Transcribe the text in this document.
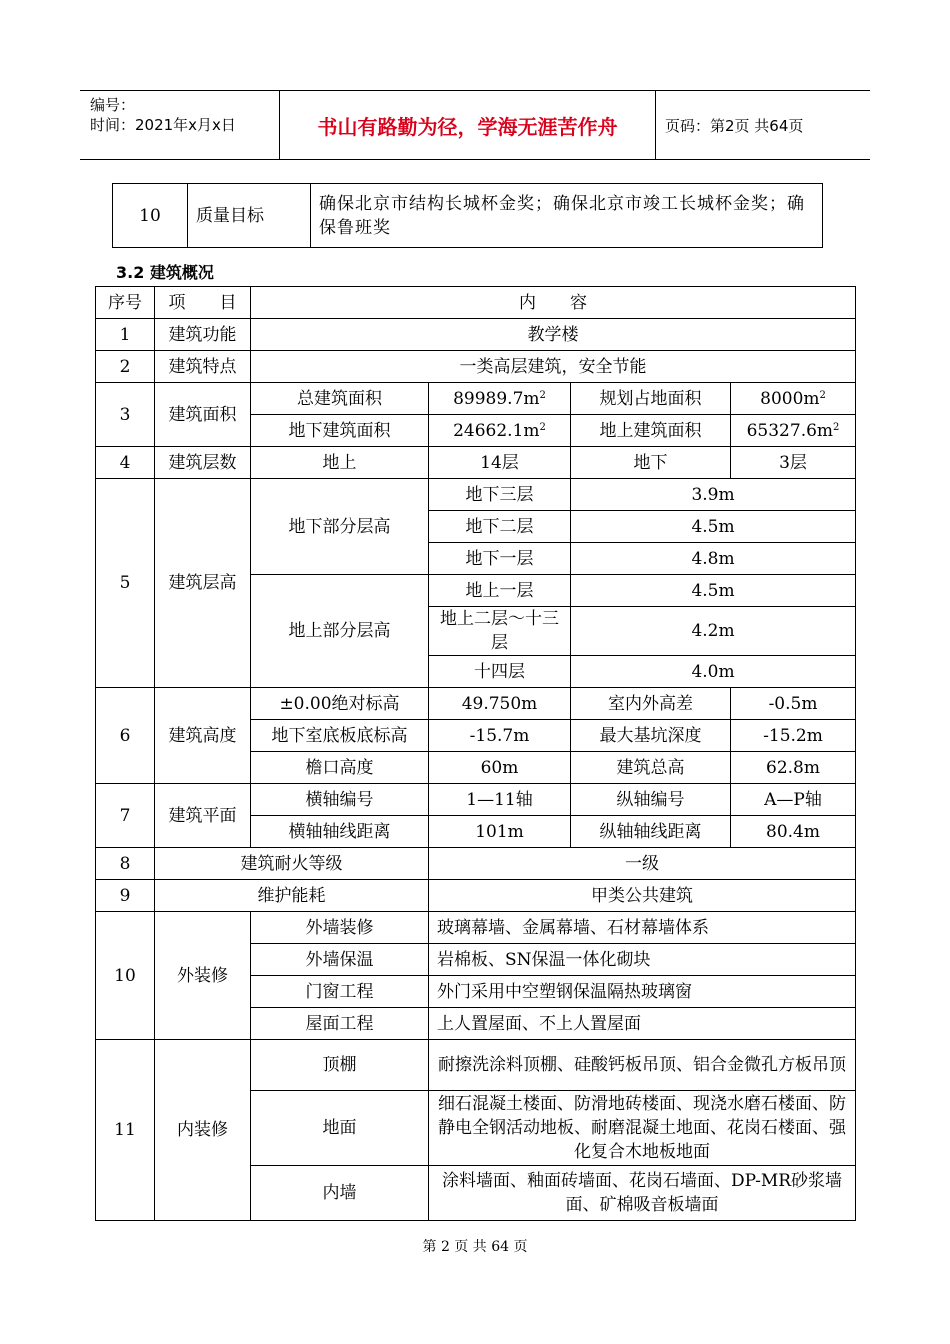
编号：
时间：2021年x月x日	书山有路勤为径，学海无涯苦作舟	页码：第2页 共64页
10	质量目标	确保北京市结构长城杯金奖；确保北京市竣工长城杯金奖；确保鲁班奖
3.2 建筑概况
序号	项　　目	内　　容			
1	建筑功能	教学楼			
2	建筑特点	一类高层建筑，安全节能			
3	建筑面积	总建筑面积	$89989.7m^2$	规划占地面积	$8000m^2$
		地下建筑面积	$24662.1m^2$	地上建筑面积	$65327.6m^2$
4	建筑层数	地上	14层	地下	3层
5	建筑层高	地下部分层高	地下三层	3.9m	
			地下二层	4.5m	
			地下一层	4.8m	
		地上部分层高	地上一层	4.5m	
			地上二层～十三层	4.2m	
			十四层	4.0m	
6	建筑高度	±0.00绝对标高	49.750m	室内外高差	-0.5m
		地下室底板底标高	-15.7m	最大基坑深度	-15.2m
		檐口高度	60m	建筑总高	62.8m
7	建筑平面	横轴编号	1—11轴	纵轴编号	A—P轴
		横轴轴线距离	101m	纵轴轴线距离	80.4m
8	建筑耐火等级		一级		
9	维护能耗		甲类公共建筑		
10	外装修	外墙装修	玻璃幕墙、金属幕墙、石材幕墙体系		
		外墙保温	岩棉板、SN保温一体化砌块		
		门窗工程	外门采用中空塑钢保温隔热玻璃窗		
		屋面工程	上人置屋面、不上人置屋面		
11	内装修	顶棚	耐擦洗涂料顶棚、硅酸钙板吊顶、铝合金微孔方板吊顶		
		地面	细石混凝土楼面、防滑地砖楼面、现浇水磨石楼面、防静电全钢活动地板、耐磨混凝土地面、花岗石楼面、强化复合木地板地面		
		内墙	涂料墙面、釉面砖墙面、花岗石墙面、DP-MR砂浆墙面、矿棉吸音板墙面		
第 2 页 共 64 页
